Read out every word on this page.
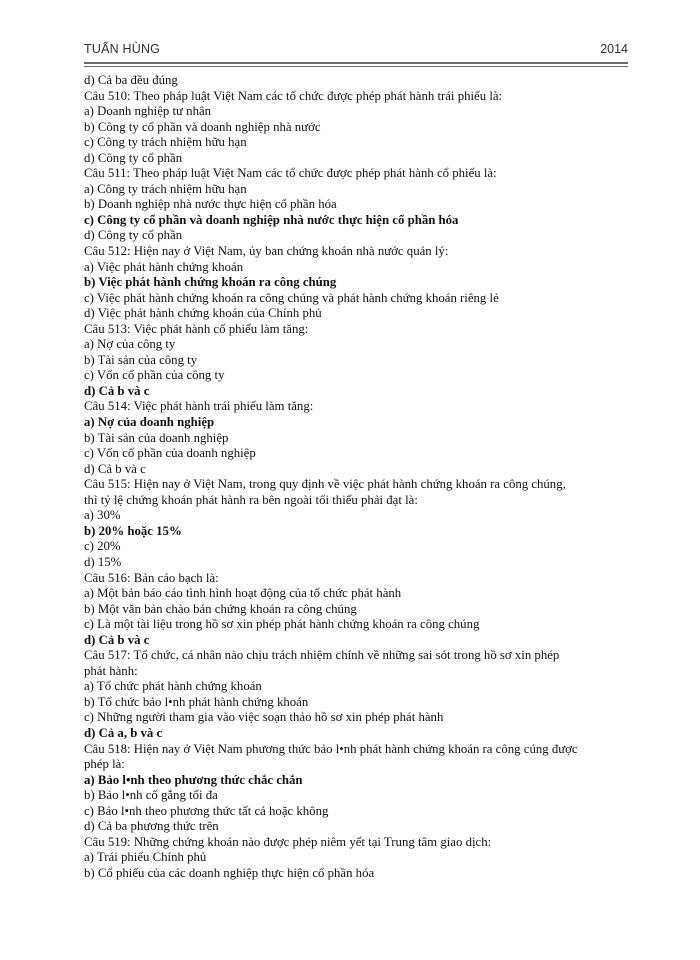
TUẤN HÙNG	2014
d) Cả ba đều đúng
Câu 510: Theo pháp luật Việt Nam các tổ chức được phép phát hành trái phiếu là:
a) Doanh nghiệp tư nhân
b) Công ty cổ phần và doanh nghiệp nhà nước
c) Công ty trách nhiệm hữu hạn
d) Công ty cổ phần
Câu 511: Theo pháp luật Việt Nam các tổ chức được phép phát hành cổ phiếu là:
a) Công ty trách nhiệm hữu hạn
b) Doanh nghiệp nhà nước thực hiện cổ phần hóa
c) Công ty cổ phần và doanh nghiệp nhà nước thực hiện cổ phần hóa
d) Công ty cổ phần
Câu 512: Hiện nay ở Việt Nam, ủy ban chứng khoán nhà nước quản lý:
a) Việc phát hành chứng khoán
b) Việc phát hành chứng khoán ra công chúng
c) Việc phát hành chứng khoán ra công chúng và phát hành chứng khoán riêng lẻ
d) Việc phát hành chứng khoán của Chính phủ
Câu 513: Việc phát hành cổ phiếu làm tăng:
a) Nợ của công ty
b) Tài sản của công ty
c) Vốn cổ phần của công ty
d) Cả b và c
Câu 514: Việc phát hành trái phiếu làm tăng:
a) Nợ của doanh nghiệp
b) Tài sản của doanh nghiệp
c) Vốn cổ phần của doanh nghiệp
d) Cả b và c
Câu 515: Hiện nay ở Việt Nam, trong quy định về việc phát hành chứng khoán ra công chúng,
thì tỷ lệ chứng khoán phát hành ra bên ngoài tối thiểu phải đạt là:
a) 30%
b) 20% hoặc 15%
c) 20%
d) 15%
Câu 516: Bản cáo bạch là:
a) Một bản báo cáo tình hình hoạt động của tổ chức phát hành
b) Một văn bản chào bán chứng khoán ra công chúng
c) Là một tài liệu trong hồ sơ xin phép phát hành chứng khoán ra công chúng
d) Cả b và c
Câu 517: Tổ chức, cá nhân nào chịu trách nhiệm chính về những sai sót trong hồ sơ xin phép
phát hành:
a) Tổ chức phát hành chứng khoán
b) Tổ chức bảo l•nh phát hành chứng khoán
c) Những người tham gia vào việc soạn thảo hồ sơ xin phép phát hành
d) Cả a, b và c
Câu 518: Hiện nay ở Việt Nam phương thức bảo l•nh phát hành chứng khoán ra công cúng được
phép là:
a) Bảo l•nh theo phương thức chắc chắn
b) Bảo l•nh cố gắng tối đa
c) Bảo l•nh theo phương thức tất cả hoặc không
d) Cả ba phương thức trên
Câu 519: Những chứng khoán nào được phép niêm yết tại Trung tâm giao dịch:
a) Trái phiếu Chính phủ
b) Cổ phiếu của các doanh nghiệp thực hiện cổ phần hóa
